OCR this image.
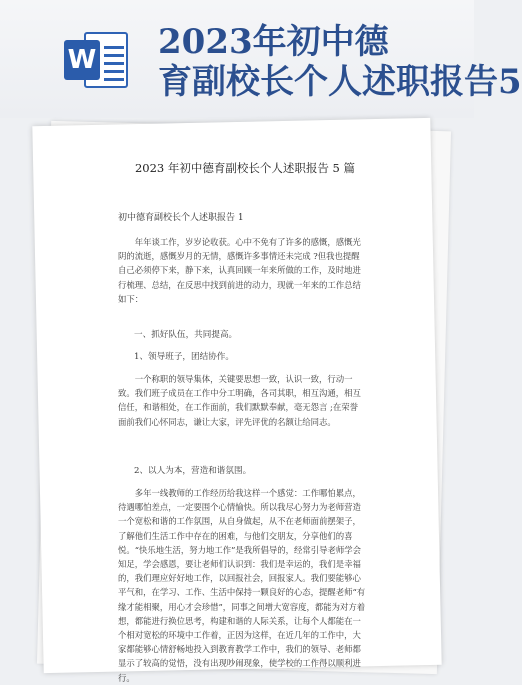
W 2023年初中德
育副校长个人述职报告5
2023 年初中德育副校长个人述职报告 5 篇
初中德育副校长个人述职报告 1

年年谈工作，岁岁论收获。心中不免有了许多的感慨，感慨光阴的流逝，感慨岁月的无情，感慨许多事情还未完成 ?但我也提醒自己必须停下来，静下来，认真回顾一年来所做的工作，及时地进行梳理、总结，在反思中找到前进的动力，现就一年来的工作总结如下：

一、抓好队伍，共同提高。
1、领导班子，团结协作。

一个称职的领导集体，关键要思想一致，认识一致，行动一致。我们班子成员在工作中分工明确，各司其职，相互沟通，相互信任，和谐相处，在工作面前，我们默默奉献，毫无怨言 ;在荣誉面前我们心怀同志，谦让大家，评先评优的名额让给同志。

2、以人为本，营造和谐氛围。

多年一线教师的工作经历给我这样一个感觉：工作哪怕累点，待遇哪怕差点，一定要围个心情愉快。所以我尽心努力为老师营造一个宽松和谐的工作氛围，从自身做起，从不在老师面前摆架子，了解他们生活工作中存在的困难，与他们交朋友，分享他们的喜悦。“快乐地生活，努力地工作”是我所倡导的，经常引导老师学会知足，学会感恩，要让老师们认识到：我们是幸运的，我们是幸福的，我们理应好好地工作，以回报社会，回报家人。我们要能够心平气和，在学习、工作、生活中保持一颗良好的心态，提醒老师“有缘才能相聚，用心才会珍惜”，同事之间增大宽容度，都能为对方着想，都能进行换位思考，构建和谐的人际关系，让每个人都能在一个相对宽松的环境中工作着，正因为这样，在近几年的工作中，大家都能够心情舒畅地投入到教育教学工作中，我们的领导、老师都显示了较高的觉悟，没有出现吵闹现象，使学校的工作得以顺利进行。
